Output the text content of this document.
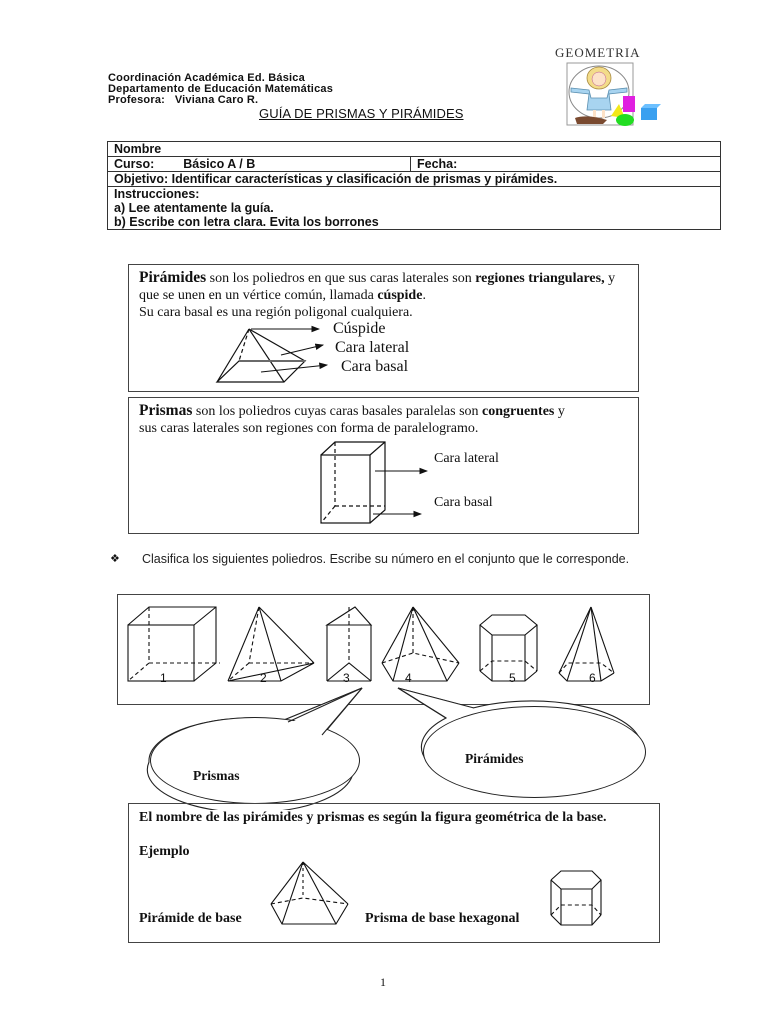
Coordinación Académica Ed. Básica
Departamento de Educación Matemáticas
Profesora: Viviana Caro R.
GUÍA DE PRISMAS Y PIRÁMIDES
GEOMETRIA
Nombre
Curso: Básico A / B	Fecha:
Objetivo: Identificar características y clasificación de prismas y pirámides.

Instrucciones:
a) Lee atentamente la guía.
b) Escribe con letra clara. Evita los borrones
Pirámides son los poliedros en que sus caras laterales son regiones triangulares, y que se unen en un vértice común, llamada cúspide.
Su cara basal es una región poligonal cualquiera.
Cúspide
Cara lateral
Cara basal
Prismas son los poliedros cuyas caras basales paralelas son congruentes y sus caras laterales son regiones con forma de paralelogramo.
Cara lateral
Cara basal
❖ Clasifica los siguientes poliedros. Escribe su número en el conjunto que le corresponde.
1	2	3	4	5	6
Prismas
Pirámides
El nombre de las pirámides y prismas es según la figura geométrica de la base.
Ejemplo
Pirámide de base	Prisma de base hexagonal
1
